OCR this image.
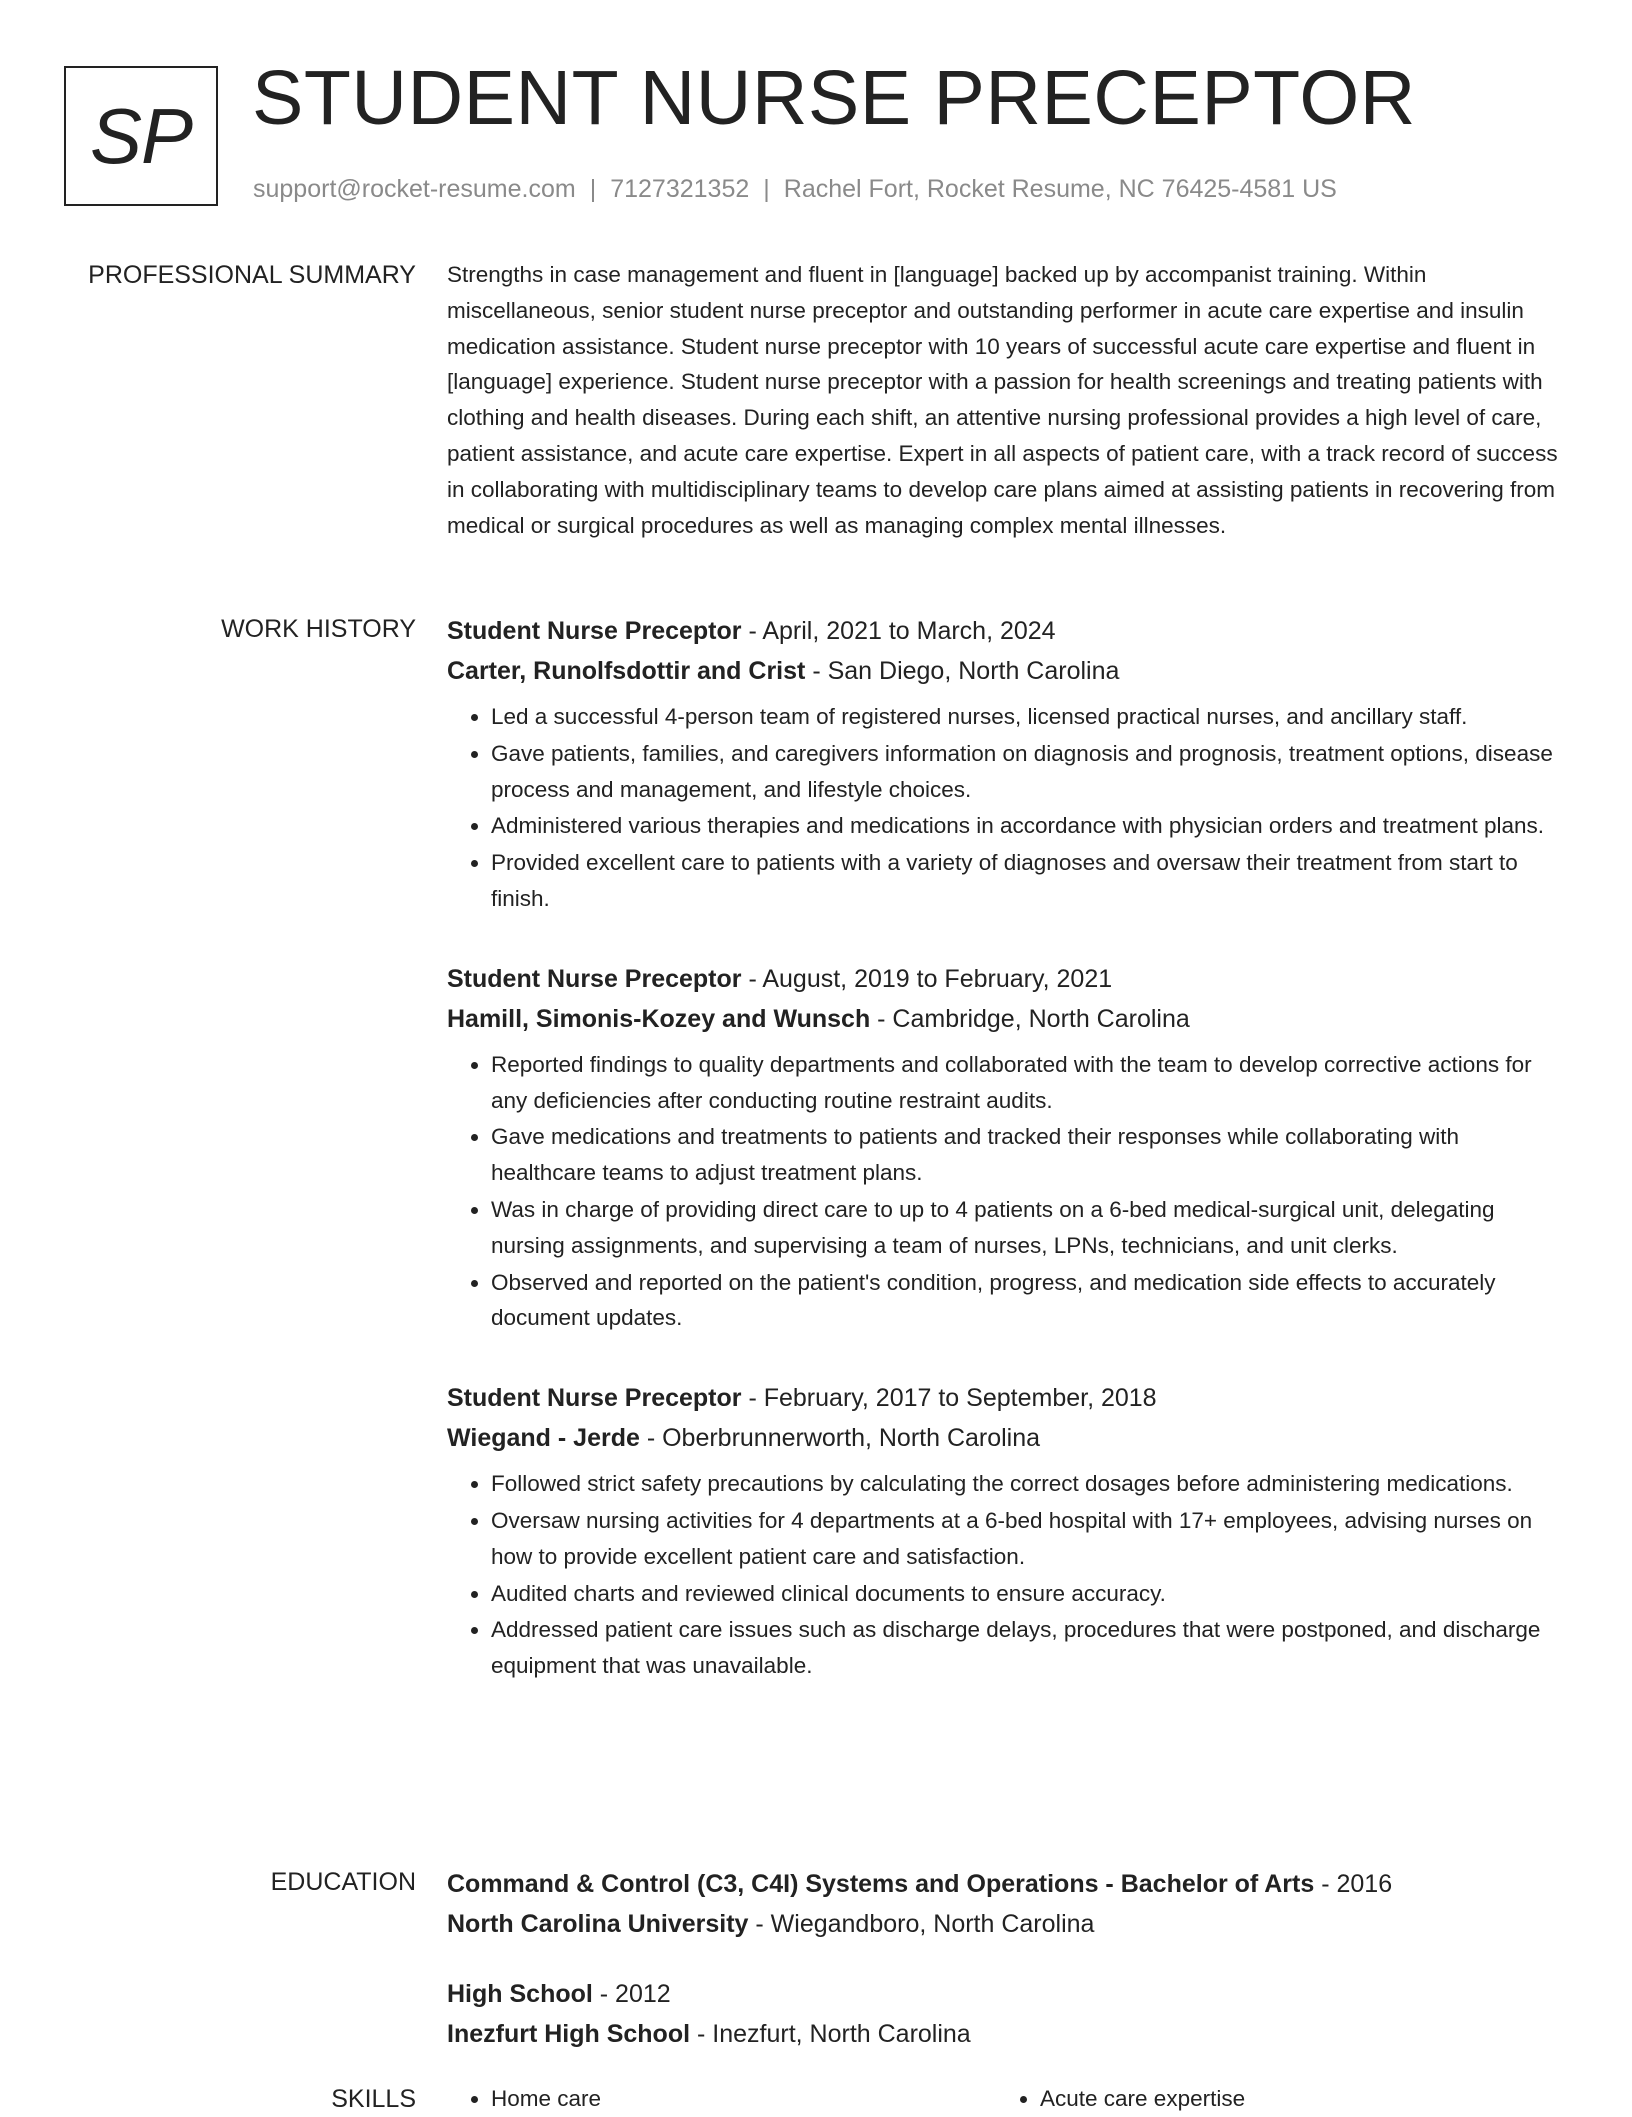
SP STUDENT NURSE PRECEPTOR
support@rocket-resume.com | 7127321352 | Rachel Fort, Rocket Resume, NC 76425-4581 US
PROFESSIONAL SUMMARY Strengths in case management and fluent in [language] backed up by accompanist training. Within miscellaneous, senior student nurse preceptor and outstanding performer in acute care expertise and insulin medication assistance. Student nurse preceptor with 10 years of successful acute care expertise and fluent in [language] experience. Student nurse preceptor with a passion for health screenings and treating patients with clothing and health diseases. During each shift, an attentive nursing professional provides a high level of care, patient assistance, and acute care expertise. Expert in all aspects of patient care, with a track record of success in collaborating with multidisciplinary teams to develop care plans aimed at assisting patients in recovering from medical or surgical procedures as well as managing complex mental illnesses.

WORK HISTORY Student Nurse Preceptor - April, 2021 to March, 2024

Carter, Runolfsdottir and Crist - San Diego, North Carolina

• Led a successful 4-person team of registered nurses, licensed practical nurses, and ancillary staff.
• Gave patients, families, and caregivers information on diagnosis and prognosis, treatment options, disease process and management, and lifestyle choices.
• Administered various therapies and medications in accordance with physician orders and treatment plans.
• Provided excellent care to patients with a variety of diagnoses and oversaw their treatment from start to finish.

Student Nurse Preceptor - August, 2019 to February, 2021

Hamill, Simonis-Kozey and Wunsch - Cambridge, North Carolina

• Reported findings to quality departments and collaborated with the team to develop corrective actions for any deficiencies after conducting routine restraint audits.
• Gave medications and treatments to patients and tracked their responses while collaborating with healthcare teams to adjust treatment plans.
• Was in charge of providing direct care to up to 4 patients on a 6-bed medical-surgical unit, delegating nursing assignments, and supervising a team of nurses, LPNs, technicians, and unit clerks.
• Observed and reported on the patient's condition, progress, and medication side effects to accurately document updates.

Student Nurse Preceptor - February, 2017 to September, 2018

Wiegand - Jerde - Oberbrunnerworth, North Carolina

• Followed strict safety precautions by calculating the correct dosages before administering medications.
• Oversaw nursing activities for 4 departments at a 6-bed hospital with 17+ employees, advising nurses on how to provide excellent patient care and satisfaction.
• Audited charts and reviewed clinical documents to ensure accuracy.
• Addressed patient care issues such as discharge delays, procedures that were postponed, and discharge equipment that was unavailable.
EDUCATION Command & Control (C3, C4I) Systems and Operations - Bachelor of Arts - 2016

North Carolina University - Wiegandboro, North Carolina

High School - 2012

Inezfurt High School - Inezfurt, North Carolina

SKILLS	• Home care	• Acute care expertise
